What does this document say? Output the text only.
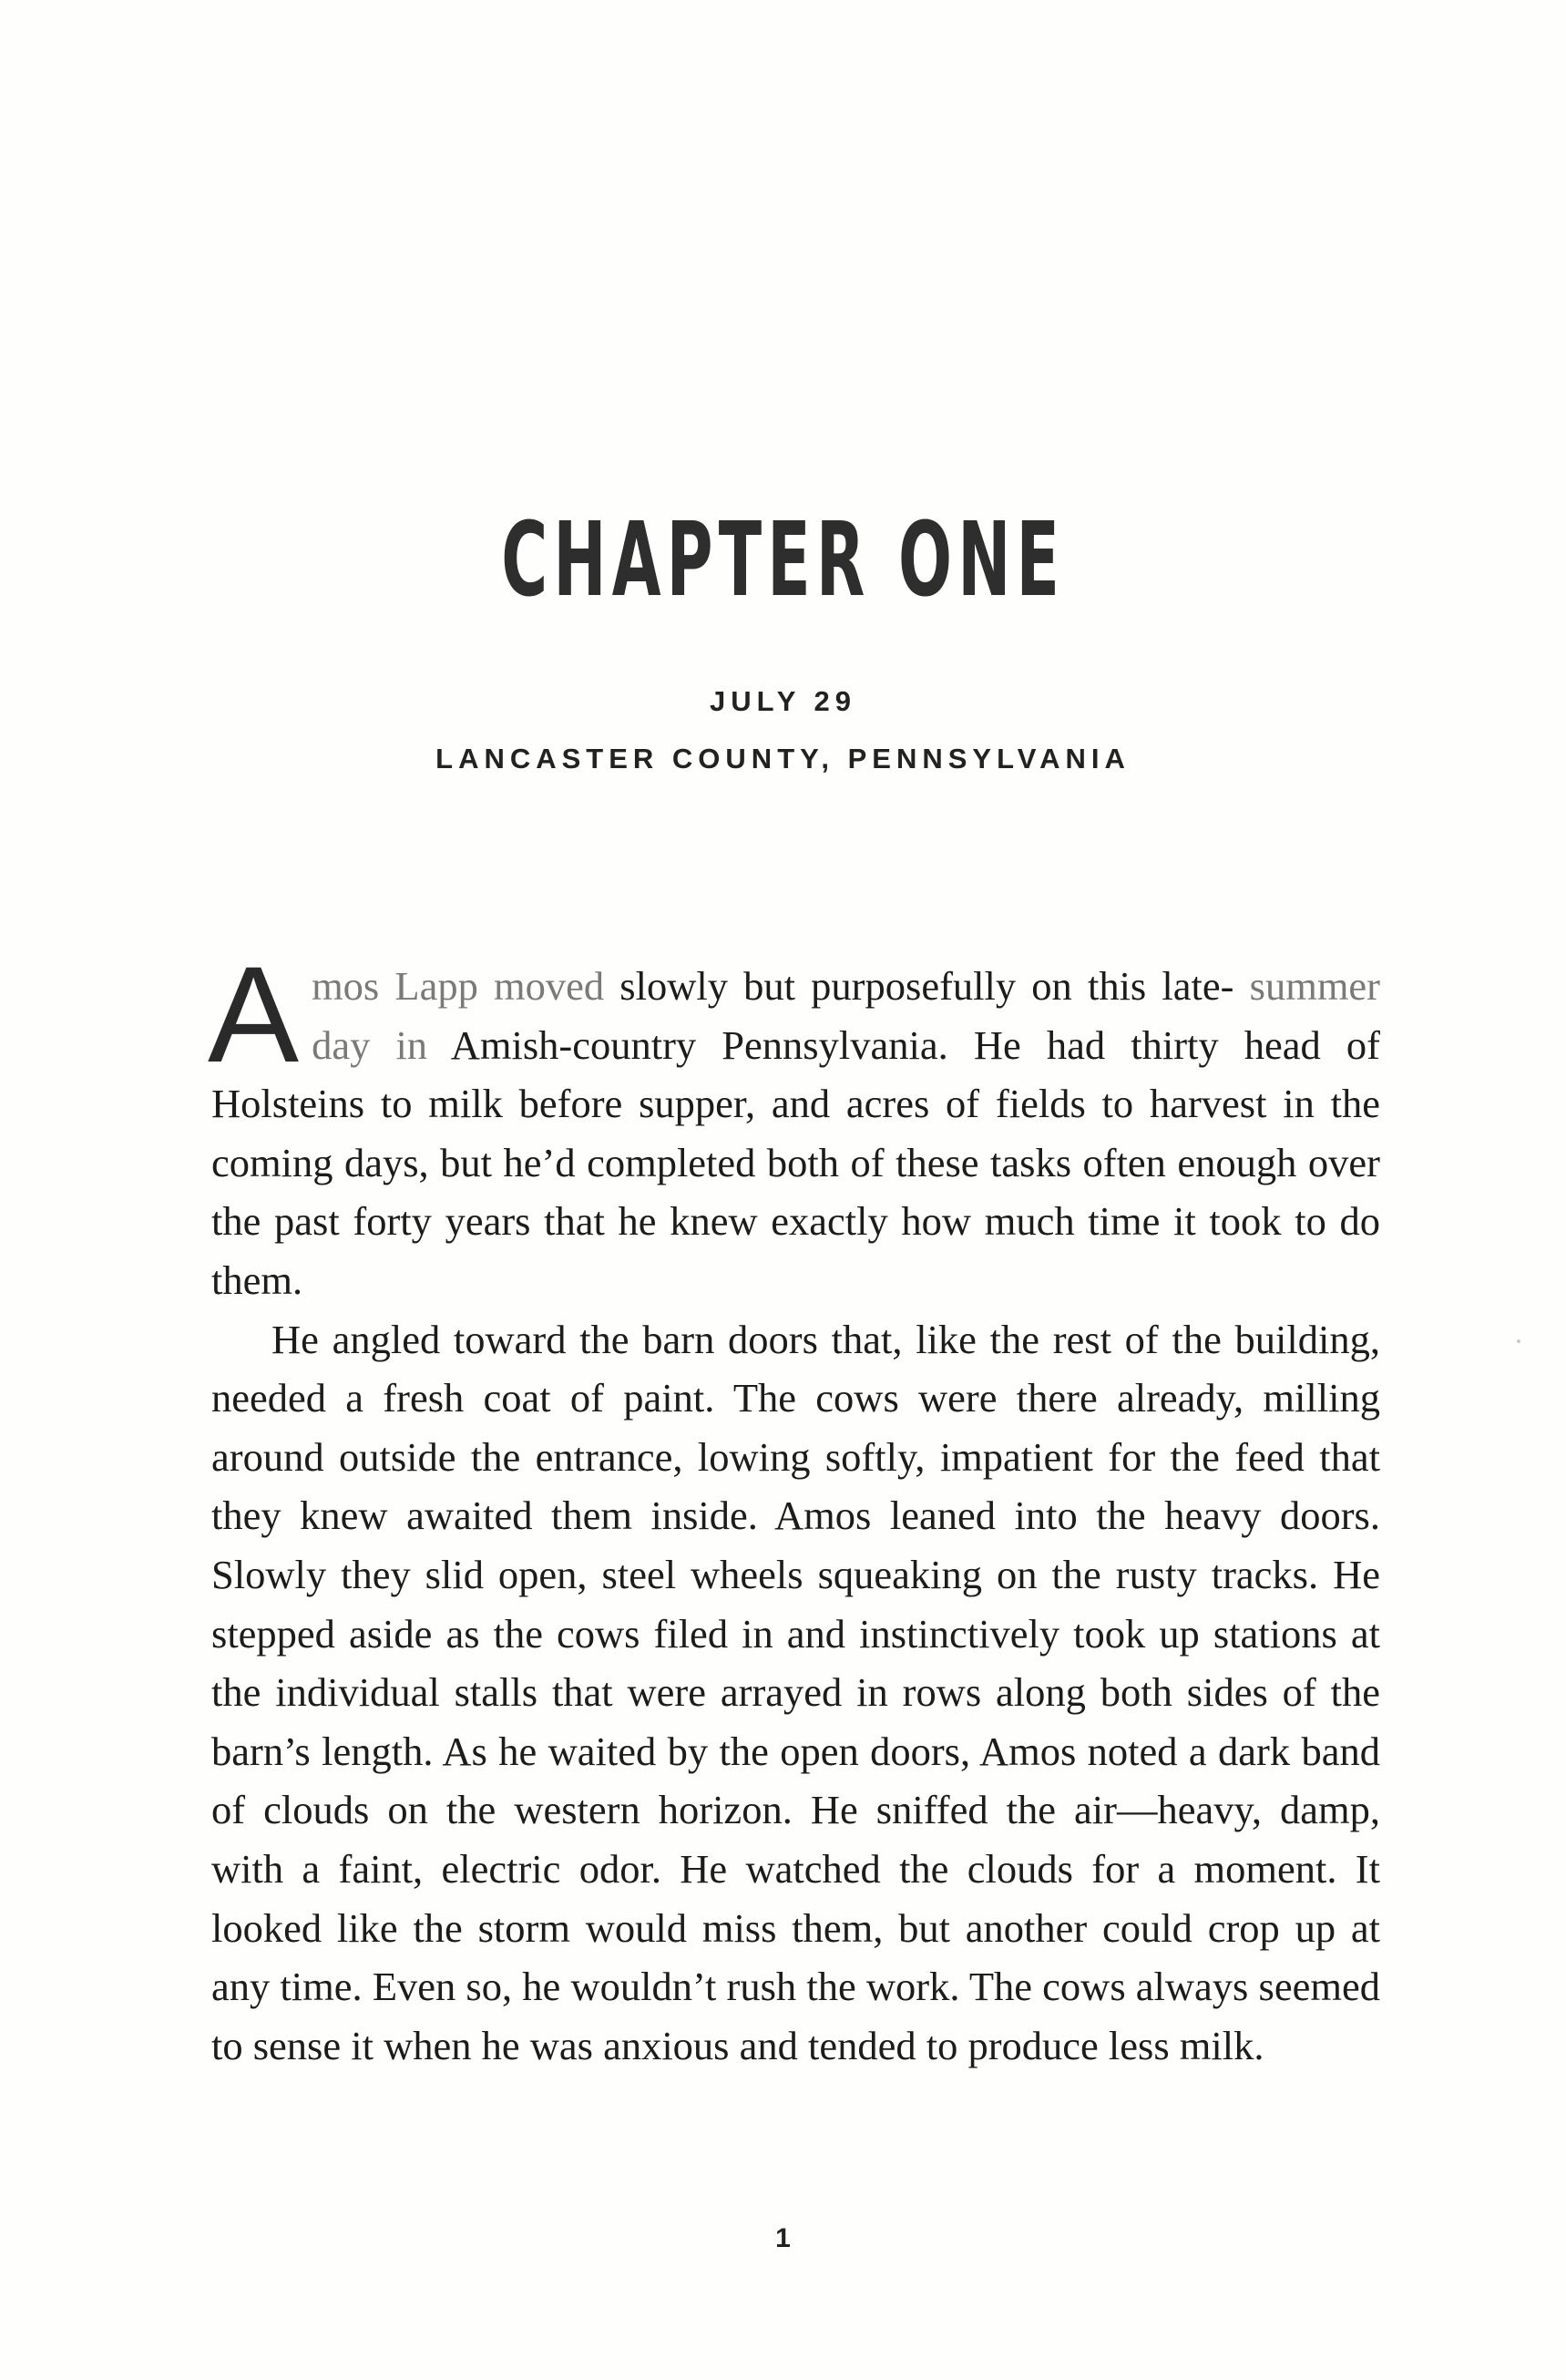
CHAPTER ONE
JULY 29
LANCASTER COUNTY, PENNSYLVANIA

Amos Lapp moved slowly but purposefully on this late- summer day in Amish-country Pennsylvania. He had thirty head of Holsteins to milk before supper, and acres of fields to harvest in the coming days, but he’d completed both of these tasks often enough over the past forty years that he knew exactly how much time it took to do them.

He angled toward the barn doors that, like the rest of the building, needed a fresh coat of paint. The cows were there already, milling around outside the entrance, lowing softly, impatient for the feed that they knew awaited them inside. Amos leaned into the heavy doors. Slowly they slid open, steel wheels squeaking on the rusty tracks. He stepped aside as the cows filed in and instinctively took up stations at the individual stalls that were arrayed in rows along both sides of the barn’s length. As he waited by the open doors, Amos noted a dark band of clouds on the western horizon. He sniffed the air—heavy, damp, with a faint, electric odor. He watched the clouds for a moment. It looked like the storm would miss them, but another could crop up at any time. Even so, he wouldn’t rush the work. The cows always seemed to sense it when he was anxious and tended to produce less milk.

1
